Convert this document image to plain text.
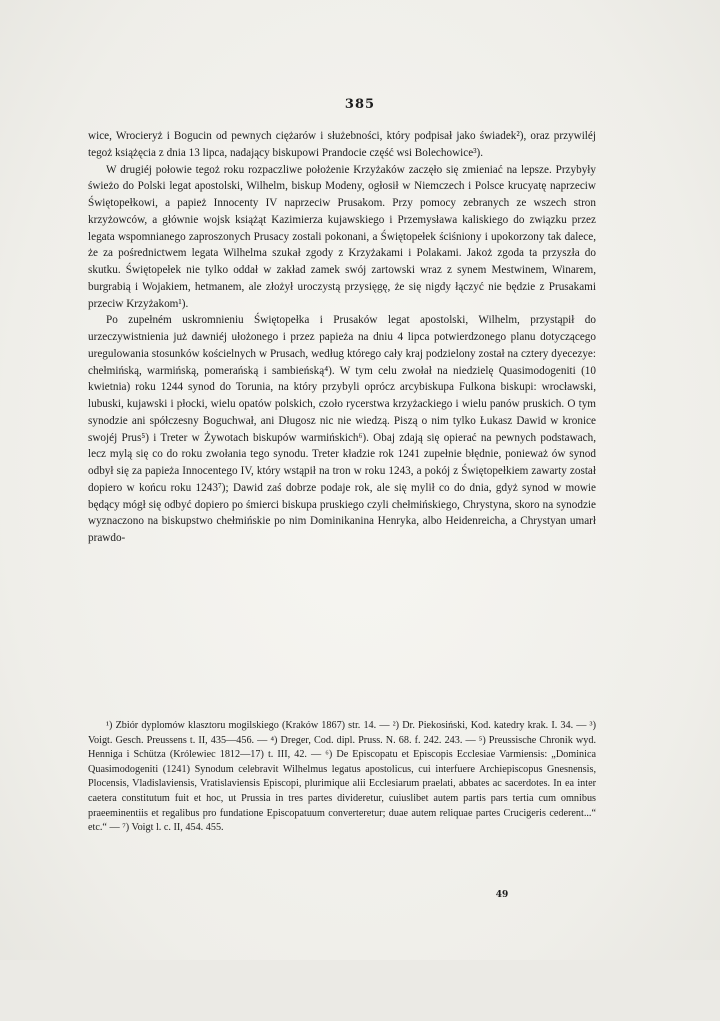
385

wice, Wrocieryż i Bogucin od pewnych ciężarów i służebności, który podpisał jako świadek²), oraz przywiléj tegoż książęcia z dnia 13 lipca, nadający biskupowi Prandocie część wsi Bolechowice³).

W drugiéj połowie tegoż roku rozpaczliwe położenie Krzyżaków zaczęło się zmieniać na lepsze. Przybyły świeżo do Polski legat apostolski, Wilhelm, biskup Modeny, ogłosił w Niemczech i Polsce krucyatę naprzeciw Świętopełkowi, a papież Innocenty IV naprzeciw Prusakom. Przy pomocy zebranych ze wszech stron krzyżowców, a głównie wojsk książąt Kazimierza kujawskiego i Przemysława kaliskiego do związku przez legata wspomnianego zaproszonych Prusacy zostali pokonani, a Świętopełek ściśniony i upokorzony tak dalece, że za pośrednictwem legata Wilhelma szukał zgody z Krzyżakami i Polakami. Jakoż zgoda ta przyszła do skutku. Świętopełek nie tylko oddał w zakład zamek swój zartowski wraz z synem Mestwinem, Winarem, burgrabią i Wojakiem, hetmanem, ale złożył uroczystą przysięgę, że się nigdy łączyć nie będzie z Prusakami przeciw Krzyżakom¹).

Po zupełném uskromnieniu Świętopełka i Prusaków legat apostolski, Wilhelm, przystąpił do urzeczywistnienia już dawniéj ułożonego i przez papieża na dniu 4 lipca potwierdzonego planu dotyczącego uregulowania stosunków kościelnych w Prusach, według którego cały kraj podzielony został na cztery dyecezye: chełmińską, warmińską, pomerańską i sambieńską⁴). W tym celu zwołał na niedzielę Quasimodogeniti (10 kwietnia) roku 1244 synod do Torunia, na który przybyli oprócz arcybiskupa Fulkona biskupi: wrocławski, lubuski, kujawski i płocki, wielu opatów polskich, czoło rycerstwa krzyżackiego i wielu panów pruskich. O tym synodzie ani spółczesny Boguchwał, ani Długosz nic nie wiedzą. Piszą o nim tylko Łukasz Dawid w kronice swojéj Prus⁵) i Treter w Żywotach biskupów warmińskich⁶). Obaj zdają się opierać na pewnych podstawach, lecz mylą się co do roku zwołania tego synodu. Treter kładzie rok 1241 zupełnie błędnie, ponieważ ów synod odbył się za papieża Innocentego IV, który wstąpił na tron w roku 1243, a pokój z Świętopełkiem zawarty został dopiero w końcu roku 1243⁷); Dawid zaś dobrze podaje rok, ale się mylił co do dnia, gdyż synod w mowie będący mógł się odbyć dopiero po śmierci biskupa pruskiego czyli chełmińskiego, Chrystyna, skoro na synodzie wyznaczono na biskupstwo chełmińskie po nim Dominikanina Henryka, albo Heidenreicha, a Chrystyan umarł prawdo-

¹) Zbiór dyplomów klasztoru mogilskiego (Kraków 1867) str. 14. — ²) Dr. Piekosiński, Kod. katedry krak. I. 34. — ³) Voigt. Gesch. Preussens t. II, 435—456. — ⁴) Dreger, Cod. dipl. Pruss. N. 68. f. 242. 243. — ⁵) Preussische Chronik wyd. Henniga i Schütza (Królewiec 1812—17) t. III, 42. — ⁶) De Episcopatu et Episcopis Ecclesiae Varmiensis: „Dominica Quasimodogeniti (1241) Synodum celebravit Wilhelmus legatus apostolicus, cui interfuere Archiepiscopus Gnesnensis, Plocensis, Vladislaviensis, Vratislaviensis Episcopi, plurimique alii Ecclesiarum praelati, abbates ac sacerdotes. In ea inter caetera constitutum fuit et hoc, ut Prussia in tres partes divideretur, cuiuslibet autem partis pars tertia cum omnibus praeeminentiis et regalibus pro fundatione Episcopatuum converteretur; duae autem reliquae partes Crucigeris cederent...“ etc.“ — ⁷) Voigt l. c. II, 454. 455.

49
